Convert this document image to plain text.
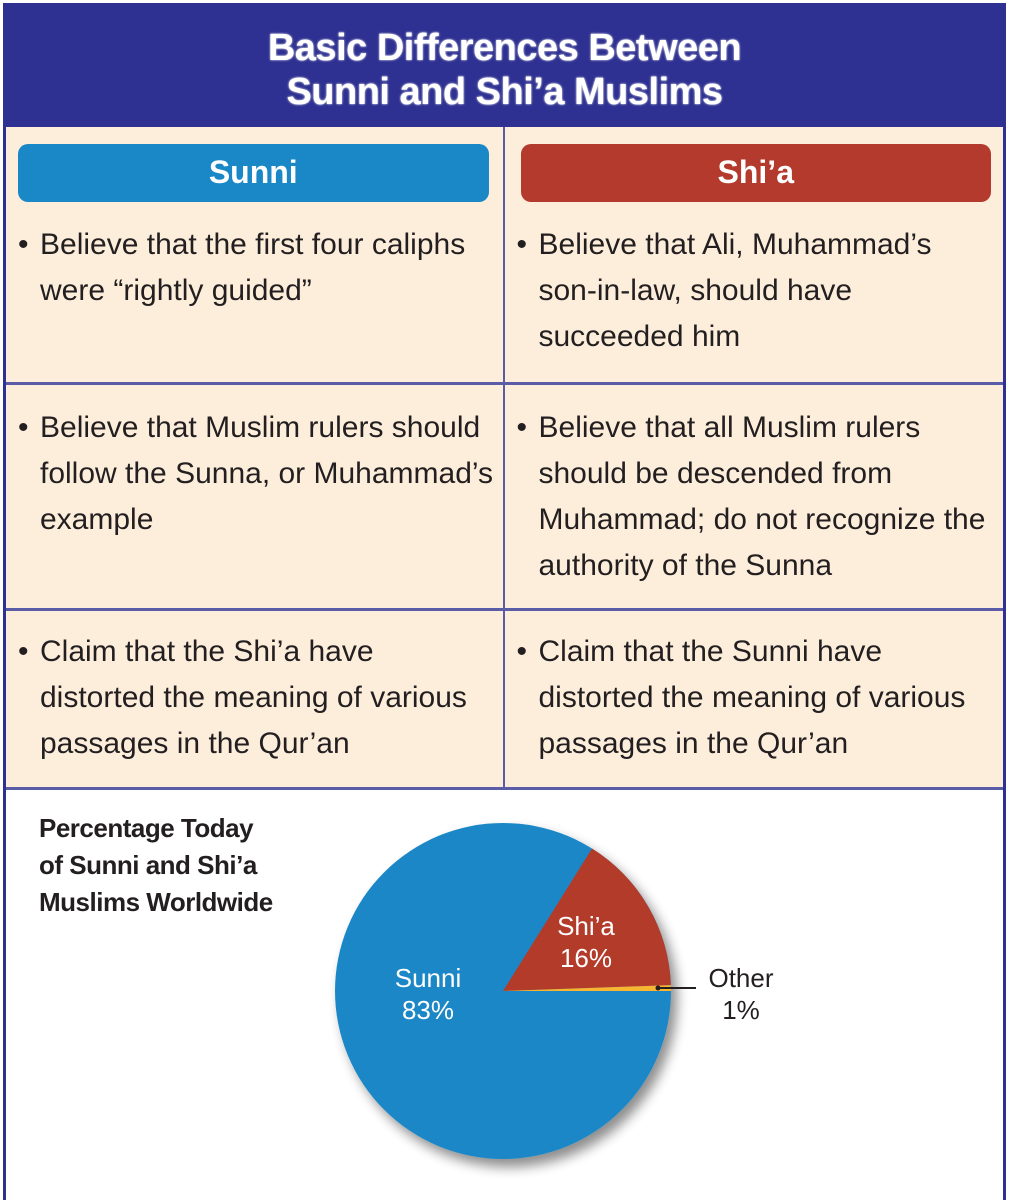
Basic Differences Between
Sunni and Shi’a Muslims
Sunni
• Believe that the first four caliphs were “rightly guided”
Shi’a
• Believe that Ali, Muhammad’s son-in-law, should have succeeded him
• Believe that Muslim rulers should follow the Sunna, or Muhammad’s example
• Believe that all Muslim rulers should be descended from Muhammad; do not recognize the authority of the Sunna
• Claim that the Shi’a have distorted the meaning of various passages in the Qur’an
• Claim that the Sunni have distorted the meaning of various passages in the Qur’an
Percentage Today
of Sunni and Shi’a
Muslims Worldwide
Sunni
83%
Shi’a
16%
Other
1%
